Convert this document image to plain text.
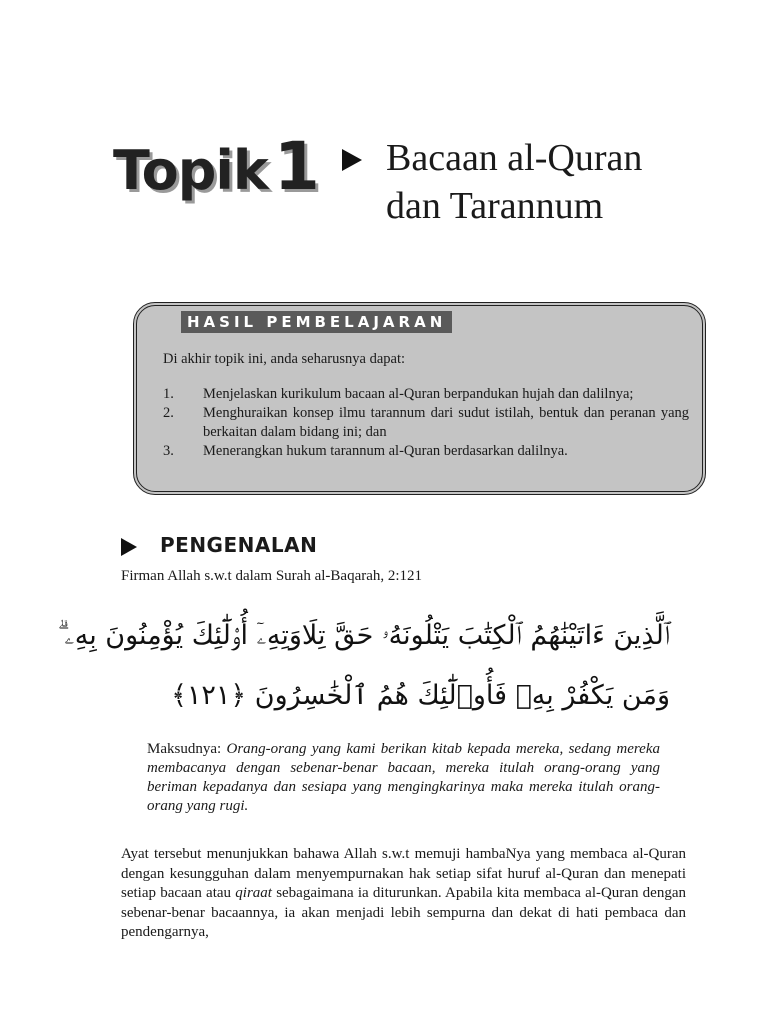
Topik1 Bacaan al-Quran
dan Tarannum
HASIL PEMBELAJARAN
Di akhir topik ini, anda seharusnya dapat:
1.	Menjelaskan kurikulum bacaan al-Quran berpandukan hujah dan dalilnya;
2.	Menghuraikan konsep ilmu tarannum dari sudut istilah, bentuk dan peranan yang berkaitan dalam bidang ini; dan
3.	Menerangkan hukum tarannum al-Quran berdasarkan dalilnya.
PENGENALAN
Firman Allah s.w.t dalam Surah al-Baqarah, 2:121
ٱلَّذِينَ ءَاتَيْنَٰهُمُ ٱلْكِتَٰبَ يَتْلُونَهُۥ حَقَّ تِلَاوَتِهِۦٓ أُو۟لَٰٓئِكَ يُؤْمِنُونَ بِهِۦ ۗ
وَمَن يَكْفُرْ بِهِۦ فَأُو۟لَٰٓئِكَ هُمُ ٱلْخَٰسِرُونَ ﴿١٢١﴾
Maksudnya: Orang-orang yang kami berikan kitab kepada mereka, sedang mereka membacanya dengan sebenar-benar bacaan, mereka itulah orang-orang yang beriman kepadanya dan sesiapa yang mengingkarinya maka mereka itulah orang-orang yang rugi.
Ayat tersebut menunjukkan bahawa Allah s.w.t memuji hambaNya yang membaca al-Quran dengan kesungguhan dalam menyempurnakan hak setiap sifat huruf al-Quran dan menepati setiap bacaan atau qiraat sebagaimana ia diturunkan. Apabila kita membaca al-Quran dengan sebenar-benar bacaannya, ia akan menjadi lebih sempurna dan dekat di hati pembaca dan pendengarnya,
